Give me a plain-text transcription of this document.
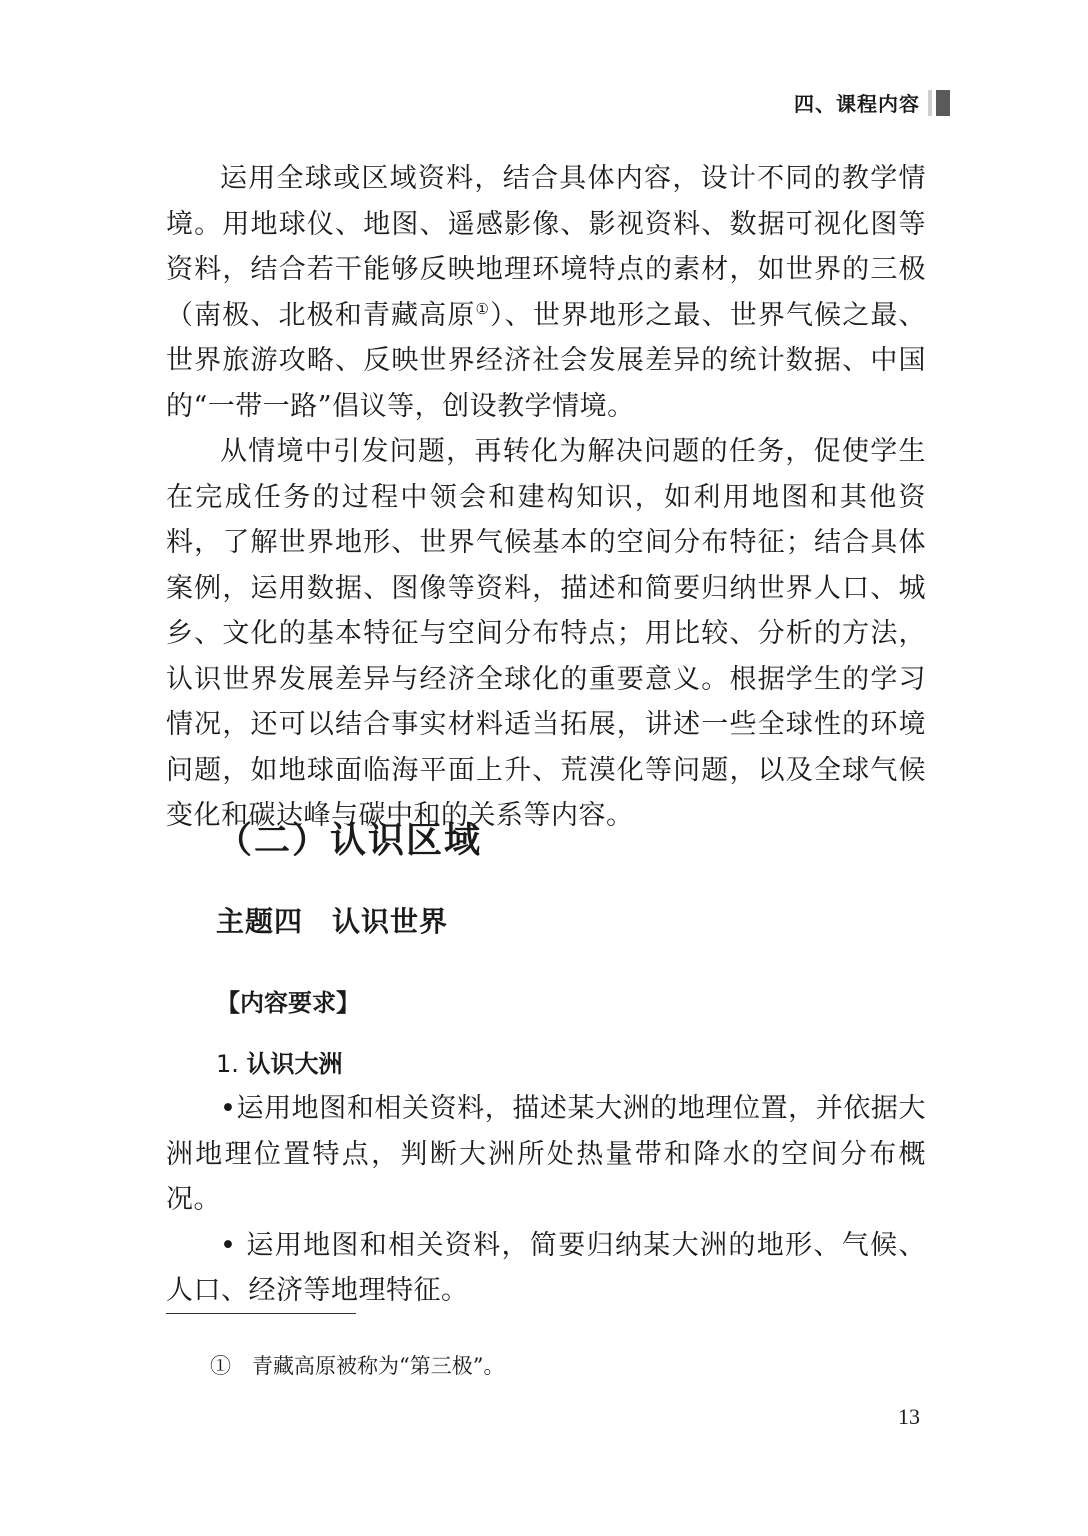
四、课程内容

运用全球或区域资料，结合具体内容，设计不同的教学情境。用地球仪、地图、遥感影像、影视资料、数据可视化图等资料，结合若干能够反映地理环境特点的素材，如世界的三极（南极、北极和青藏高原①）、世界地形之最、世界气候之最、世界旅游攻略、反映世界经济社会发展差异的统计数据、中国的“一带一路”倡议等，创设教学情境。

从情境中引发问题，再转化为解决问题的任务，促使学生在完成任务的过程中领会和建构知识，如利用地图和其他资料，了解世界地形、世界气候基本的空间分布特征；结合具体案例，运用数据、图像等资料，描述和简要归纳世界人口、城乡、文化的基本特征与空间分布特点；用比较、分析的方法，认识世界发展差异与经济全球化的重要意义。根据学生的学习情况，还可以结合事实材料适当拓展，讲述一些全球性的环境问题，如地球面临海平面上升、荒漠化等问题，以及全球气候变化和碳达峰与碳中和的关系等内容。

（二）认识区域
主题四　认识世界
【内容要求】
1. 认识大洲

•运用地图和相关资料，描述某大洲的地理位置，并依据大洲地理位置特点，判断大洲所处热量带和降水的空间分布概况。

• 运用地图和相关资料，简要归纳某大洲的地形、气候、人口、经济等地理特征。

①　青藏高原被称为“第三极”。
13
